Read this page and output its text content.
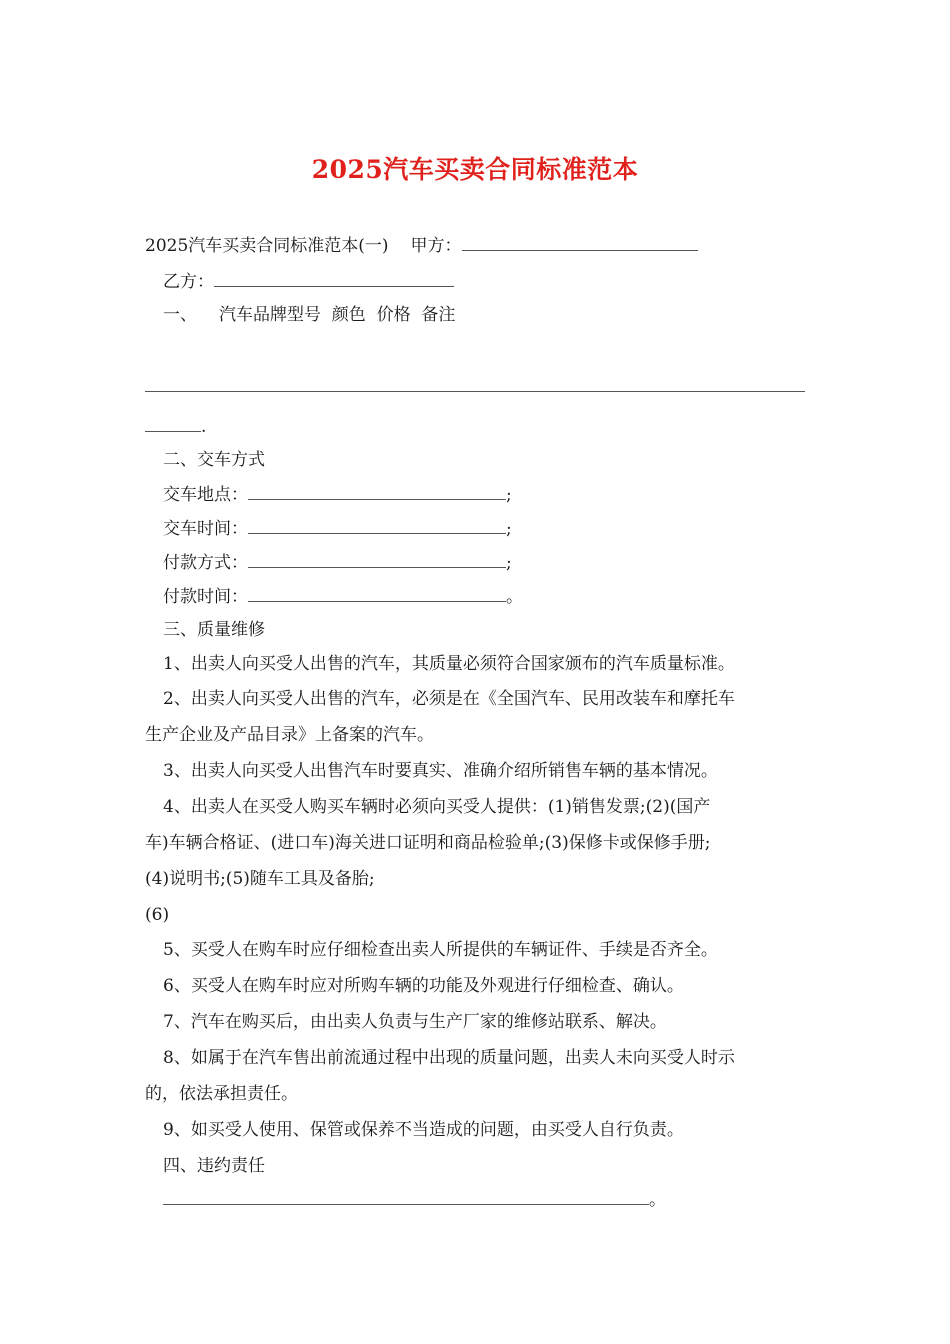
2025汽车买卖合同标准范本
2025汽车买卖合同标准范本(一) 甲方：
乙方：
一、 汽车品牌型号  颜色  价格  备注
.
二、交车方式
交车地点：	;
交车时间：	;
付款方式：	;
付款时间：	。
三、质量维修
1、出卖人向买受人出售的汽车，其质量必须符合国家颁布的汽车质量标准。
2、出卖人向买受人出售的汽车，必须是在《全国汽车、民用改装车和摩托车
生产企业及产品目录》上备案的汽车。
3、出卖人向买受人出售汽车时要真实、准确介绍所销售车辆的基本情况。
4、出卖人在买受人购买车辆时必须向买受人提供：(1)销售发票;(2)(国产
车)车辆合格证、(进口车)海关进口证明和商品检验单;(3)保修卡或保修手册;
(4)说明书;(5)随车工具及备胎;
(6)
5、买受人在购车时应仔细检查出卖人所提供的车辆证件、手续是否齐全。
6、买受人在购车时应对所购车辆的功能及外观进行仔细检查、确认。
7、汽车在购买后，由出卖人负责与生产厂家的维修站联系、解决。
8、如属于在汽车售出前流通过程中出现的质量问题，出卖人未向买受人时示
的，依法承担责任。
9、如买受人使用、保管或保养不当造成的问题，由买受人自行负责。
四、违约责任
。
